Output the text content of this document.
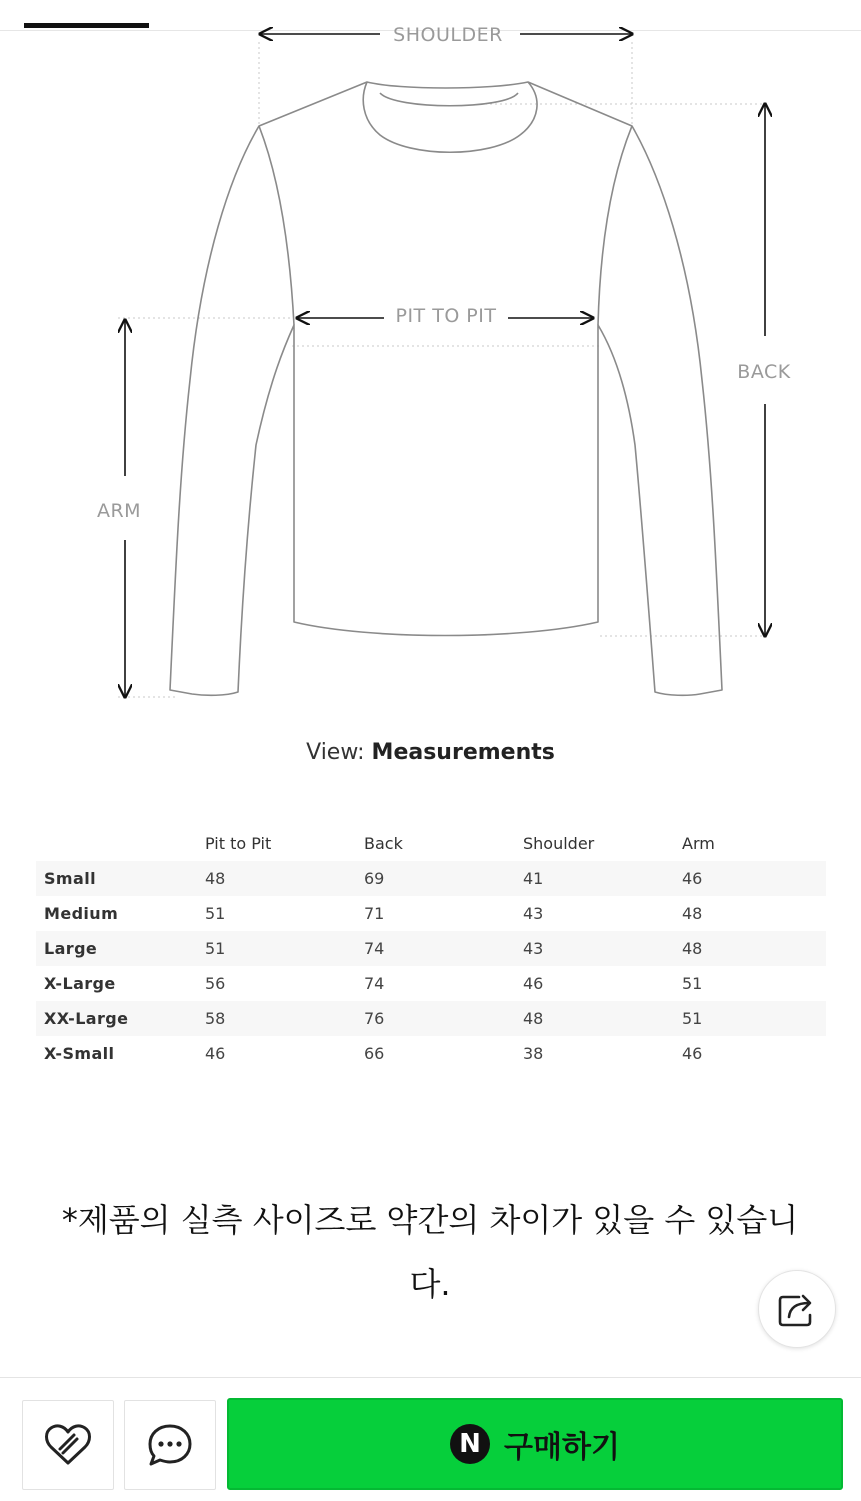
SHOULDER
PIT TO PIT
BACK
ARM
View: Measurements
	Pit to Pit	Back	Shoulder	Arm
Small	48	69	41	46
Medium	51	71	43	48
Large	51	74	43	48
X-Large	56	74	46	51
XX-Large	58	76	48	51
X-Small	46	66	38	46
*제품의 실측 사이즈로 약간의 차이가 있을 수 있습니
다.
N 구매하기
